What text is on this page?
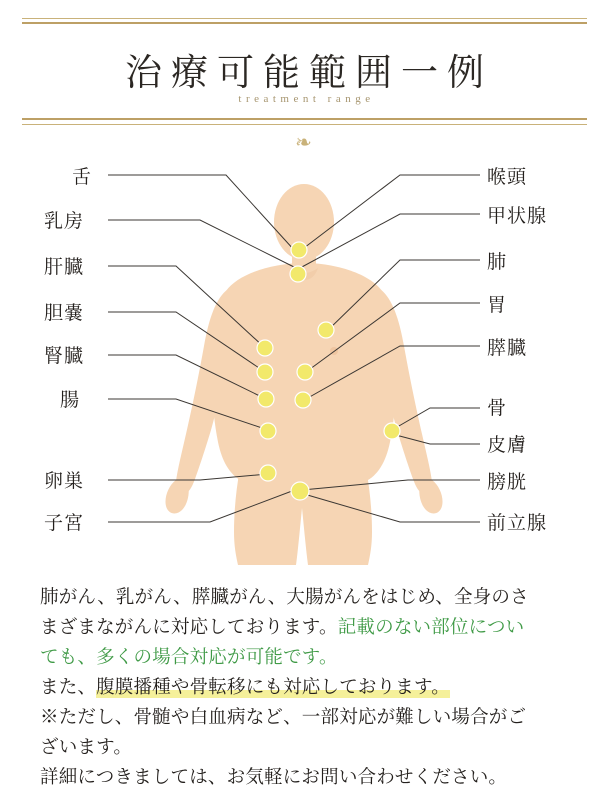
治療可能範囲一例
treatment range
❧
舌
乳房
肝臓
胆嚢
腎臓
腸
卵巣
子宮
喉頭
甲状腺
肺
胃
膵臓
骨
皮膚
膀胱
前立腺

肺がん、乳がん、膵臓がん、大腸がんをはじめ、全身のさ

まざまながんに対応しております。記載のない部位につい

ても、多くの場合対応が可能です。

また、腹膜播種や骨転移にも対応しております。

※ただし、骨髄や白血病など、一部対応が難しい場合がご

ざいます。

詳細につきましては、お気軽にお問い合わせください。
